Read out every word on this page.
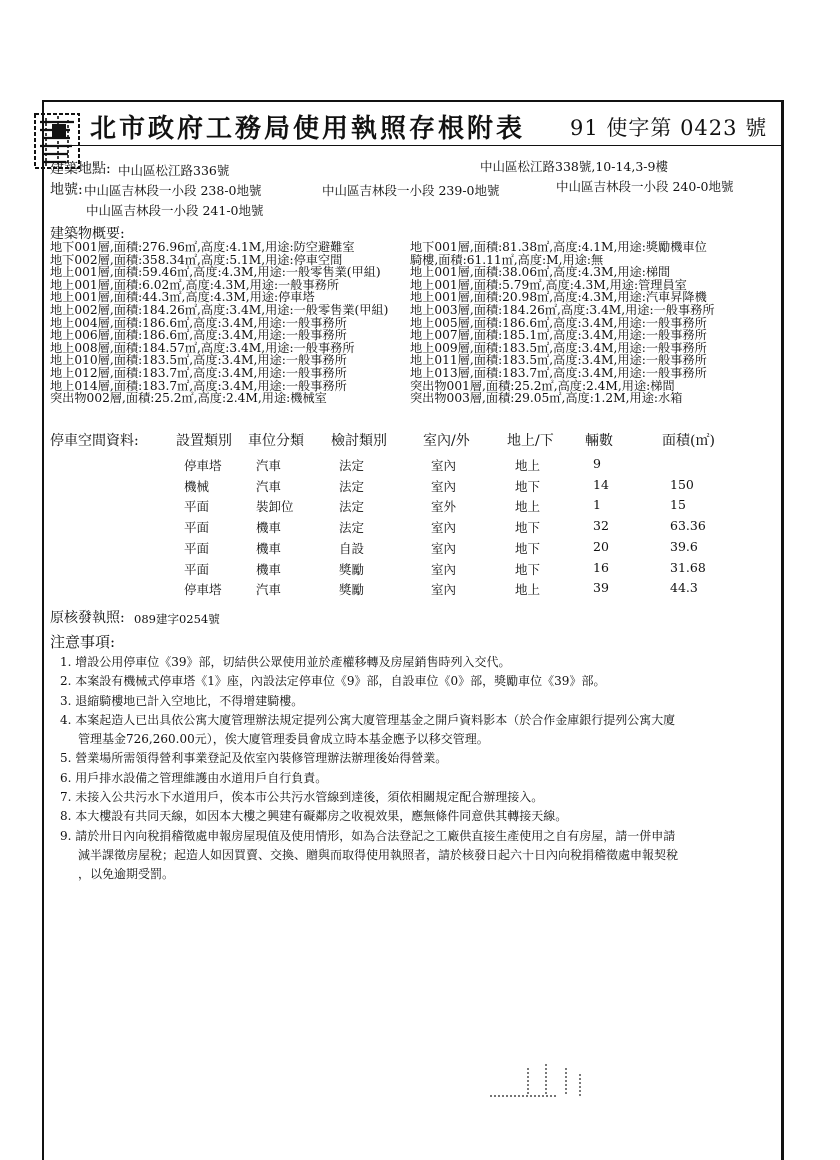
北市政府工務局使用執照存根附表 91 使字第 0423 號
建築地點: 中山區松江路336號	中山區松江路338號,10-14,3-9樓
地號: 中山區吉林段一小段 238-0地號	中山區吉林段一小段 239-0地號	中山區吉林段一小段 240-0地號
中山區吉林段一小段 241-0地號
建築物概要:
地下001層,面積:276.96㎡,高度:4.1M,用途:防空避難室
地下002層,面積:358.34㎡,高度:5.1M,用途:停車空間
地上001層,面積:59.46㎡,高度:4.3M,用途:一般零售業(甲組)
地上001層,面積:6.02㎡,高度:4.3M,用途:一般事務所
地上001層,面積:44.3㎡,高度:4.3M,用途:停車塔
地上002層,面積:184.26㎡,高度:3.4M,用途:一般零售業(甲組)
地上004層,面積:186.6㎡,高度:3.4M,用途:一般事務所
地上006層,面積:186.6㎡,高度:3.4M,用途:一般事務所
地上008層,面積:184.57㎡,高度:3.4M,用途:一般事務所
地上010層,面積:183.5㎡,高度:3.4M,用途:一般事務所
地上012層,面積:183.7㎡,高度:3.4M,用途:一般事務所
地上014層,面積:183.7㎡,高度:3.4M,用途:一般事務所
突出物002層,面積:25.2㎡,高度:2.4M,用途:機械室
地下001層,面積:81.38㎡,高度:4.1M,用途:獎勵機車位
騎樓,面積:61.11㎡,高度:M,用途:無
地上001層,面積:38.06㎡,高度:4.3M,用途:梯間
地上001層,面積:5.79㎡,高度:4.3M,用途:管理員室
地上001層,面積:20.98㎡,高度:4.3M,用途:汽車昇降機
地上003層,面積:184.26㎡,高度:3.4M,用途:一般事務所
地上005層,面積:186.6㎡,高度:3.4M,用途:一般事務所
地上007層,面積:185.1㎡,高度:3.4M,用途:一般事務所
地上009層,面積:183.5㎡,高度:3.4M,用途:一般事務所
地上011層,面積:183.5㎡,高度:3.4M,用途:一般事務所
地上013層,面積:183.7㎡,高度:3.4M,用途:一般事務所
突出物001層,面積:25.2㎡,高度:2.4M,用途:梯間
突出物003層,面積:29.05㎡,高度:1.2M,用途:水箱
停車空間資料:	設置類別 車位分類 檢討類別	室內/外	地上/下 輛數	面積(㎡)
停車塔	汽車	法定	室內	地上	9
機械	汽車	法定	室內	地下	14	150
平面	裝卸位	法定	室外	地上	1	15
平面	機車	法定	室內	地下	32	63.36
平面	機車	自設	室內	地下	20	39.6
平面	機車	獎勵	室內	地下	16	31.68
停車塔	汽車	獎勵	室內	地上	39	44.3
原核發執照: 089建字0254號
注意事項:
1. 增設公用停車位《39》部，切結供公眾使用並於產權移轉及房屋銷售時列入交代。
2. 本案設有機械式停車塔《1》座，內設法定停車位《9》部，自設車位《0》部，獎勵車位《39》部。
3. 退縮騎樓地已計入空地比，不得增建騎樓。
4. 本案起造人已出具依公寓大廈管理辦法規定提列公寓大廈管理基金之開戶資料影本（於合作金庫銀行提列公寓大廈
管理基金726,260.00元），俟大廈管理委員會成立時本基金應予以移交管理。
5. 營業場所需領得營利事業登記及依室內裝修管理辦法辦理後始得營業。
6. 用戶排水設備之管理維護由水道用戶自行負責。
7. 未接入公共污水下水道用戶，俟本市公共污水管線到達後，須依相關規定配合辦理接入。
8. 本大樓設有共同天線，如因本大樓之興建有礙鄰房之收視效果，應無條件同意供其轉接天線。
9. 請於卅日內向稅捐稽徵處申報房屋現值及使用情形，如為合法登記之工廠供直接生產使用之自有房屋，請一併申請
減半課徵房屋稅；起造人如因買賣、交換、贈與而取得使用執照者，請於核發日起六十日內向稅捐稽徵處申報契稅
，以免逾期受罰。
